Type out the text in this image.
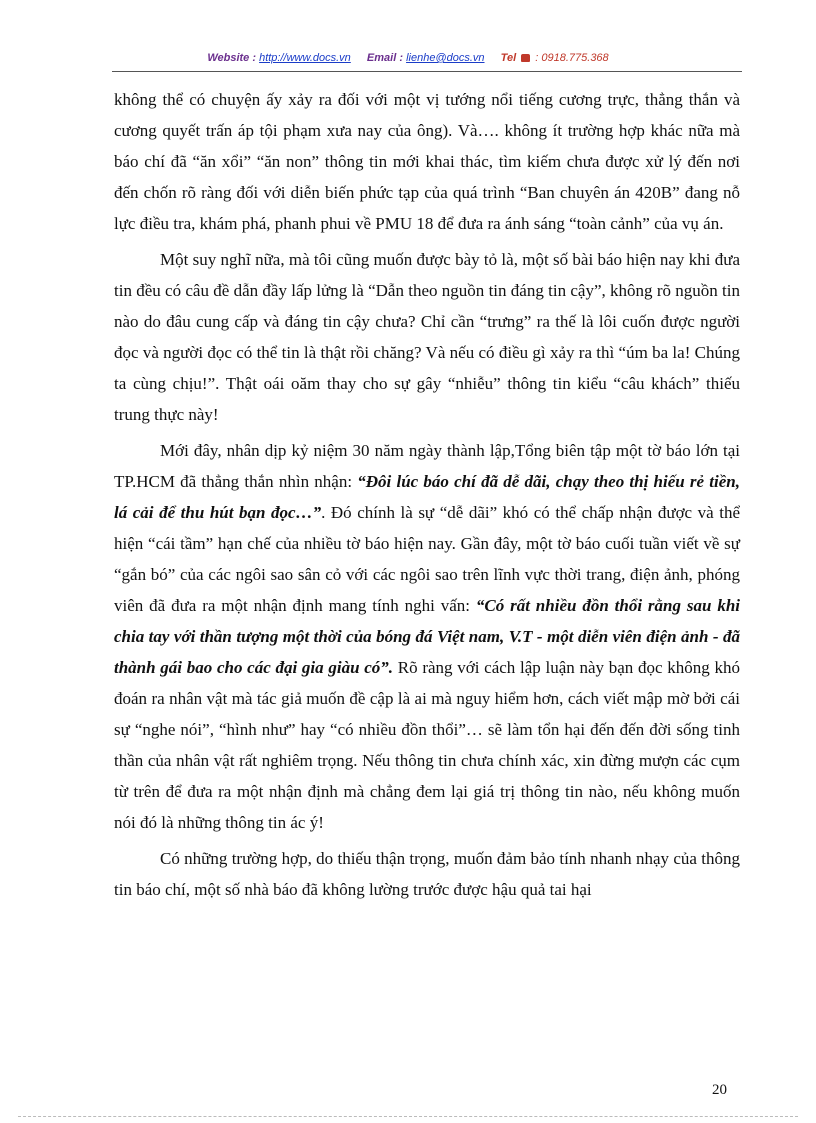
Website : http://www.docs.vn Email : lienhe@docs.vn Tel : 0918.775.368

không thể có chuyện ấy xảy ra đối với một vị tướng nổi tiếng cương trực, thẳng thắn và cương quyết trấn áp tội phạm xưa nay của ông). Và…. không ít trường hợp khác nữa mà báo chí đã “ăn xổi” “ăn non” thông tin mới khai thác, tìm kiếm chưa được xử lý đến nơi đến chốn rõ ràng đối với diễn biến phức tạp của quá trình “Ban chuyên án 420B” đang nỗ lực điều tra, khám phá, phanh phui về PMU 18 để đưa ra ánh sáng “toàn cảnh” của vụ án.

Một suy nghĩ nữa, mà tôi cũng muốn được bày tỏ là, một số bài báo hiện nay khi đưa tin đều có câu đề dẫn đầy lấp lửng là “Dẫn theo nguồn tin đáng tin cậy”, không rõ nguồn tin nào do đâu cung cấp và đáng tin cậy chưa? Chỉ cần “trưng” ra thế là lôi cuốn được người đọc và người đọc có thể tin là thật rồi chăng? Và nếu có điều gì xảy ra thì “úm ba la! Chúng ta cùng chịu!”. Thật oái oăm thay cho sự gây “nhiễu” thông tin kiểu “câu khách” thiếu trung thực này!

Mới đây, nhân dịp kỷ niệm 30 năm ngày thành lập,Tổng biên tập một tờ báo lớn tại TP.HCM đã thẳng thắn nhìn nhận: “Đôi lúc báo chí đã dễ dãi, chạy theo thị hiếu rẻ tiền, lá cải để thu hút bạn đọc…”. Đó chính là sự “dễ dãi” khó có thể chấp nhận được và thể hiện “cái tầm” hạn chế của nhiều tờ báo hiện nay. Gần đây, một tờ báo cuối tuần viết về sự “gắn bó” của các ngôi sao sân cỏ với các ngôi sao trên lĩnh vực thời trang, điện ảnh, phóng viên đã đưa ra một nhận định mang tính nghi vấn: “Có rất nhiều đồn thổi rằng sau khi chia tay với thần tượng một thời của bóng đá Việt nam, V.T - một diễn viên điện ảnh - đã thành gái bao cho các đại gia giàu có”. Rõ ràng với cách lập luận này bạn đọc không khó đoán ra nhân vật mà tác giả muốn đề cập là ai mà nguy hiểm hơn, cách viết mập mờ bởi cái sự “nghe nói”, “hình như” hay “có nhiều đồn thổi”… sẽ làm tổn hại đến đến đời sống tinh thần của nhân vật rất nghiêm trọng. Nếu thông tin chưa chính xác, xin đừng mượn các cụm từ trên để đưa ra một nhận định mà chẳng đem lại giá trị thông tin nào, nếu không muốn nói đó là những thông tin ác ý!

Có những trường hợp, do thiếu thận trọng, muốn đảm bảo tính nhanh nhạy của thông tin báo chí, một số nhà báo đã không lường trước được hậu quả tai hại

20
